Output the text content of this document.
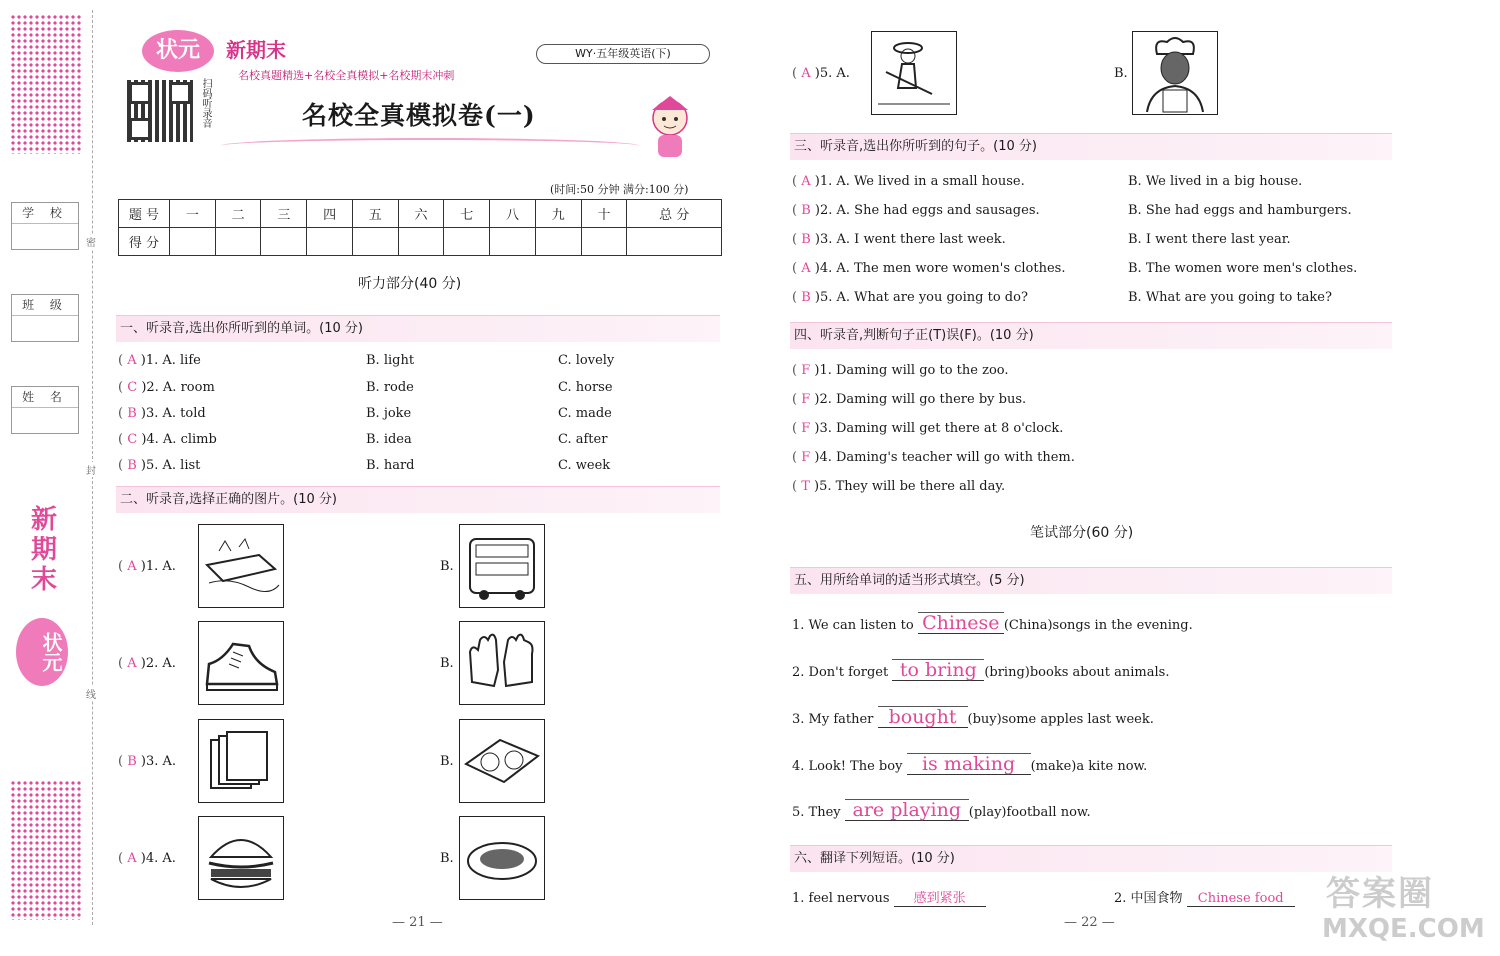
学 校
班 级
姓 名
密
封
线
新期末
状元
状元	新期末
名校真题精选+名校全真模拟+名校期末冲刺
WY·五年级英语(下)
扫码听录音	名校全真模拟卷(一)
(时间:50 分钟 满分:100 分)
题 号	一	二	三	四	五	六	七	八	九	十	总 分
得 分											
听力部分(40 分)
一、听录音,选出你所听到的单词。(10 分)
( A )1. A. life	B. light	C. lovely
( C )2. A. room	B. rode	C. horse
( B )3. A. told	B. joke	C. made
( C )4. A. climb	B. idea	C. after
( B )5. A. list	B. hard	C. week
二、听录音,选择正确的图片。(10 分)
( A )1. A.	B.
( A )2. A.	B.
( B )3. A.	B.
( A )4. A.	B.
— 21 —
( A )5. A.	B.
三、听录音,选出你所听到的句子。(10 分)
( A )1. A. We lived in a small house.	B. We lived in a big house.
( B )2. A. She had eggs and sausages.	B. She had eggs and hamburgers.
( B )3. A. I went there last week.	B. I went there last year.
( A )4. A. The men wore women's clothes.	B. The women wore men's clothes.
( B )5. A. What are you going to do?	B. What are you going to take?
四、听录音,判断句子正(T)误(F)。(10 分)
( F )1. Daming will go to the zoo.
( F )2. Daming will go there by bus.
( F )3. Daming will get there at 8 o'clock.
( F )4. Daming's teacher will go with them.
( T )5. They will be there all day.
笔试部分(60 分)
五、用所给单词的适当形式填空。(5 分)
1. We can listen to Chinese (China)songs in the evening.
2. Don't forget to bring (bring)books about animals.
3. My father bought (buy)some apples last week.
4. Look! The boy is making (make)a kite now.
5. They are playing (play)football now.
六、翻译下列短语。(10 分)
1. feel nervous 感到紧张	2. 中国食物 Chinese food
— 22 —
答案圈
MXQE.COM
